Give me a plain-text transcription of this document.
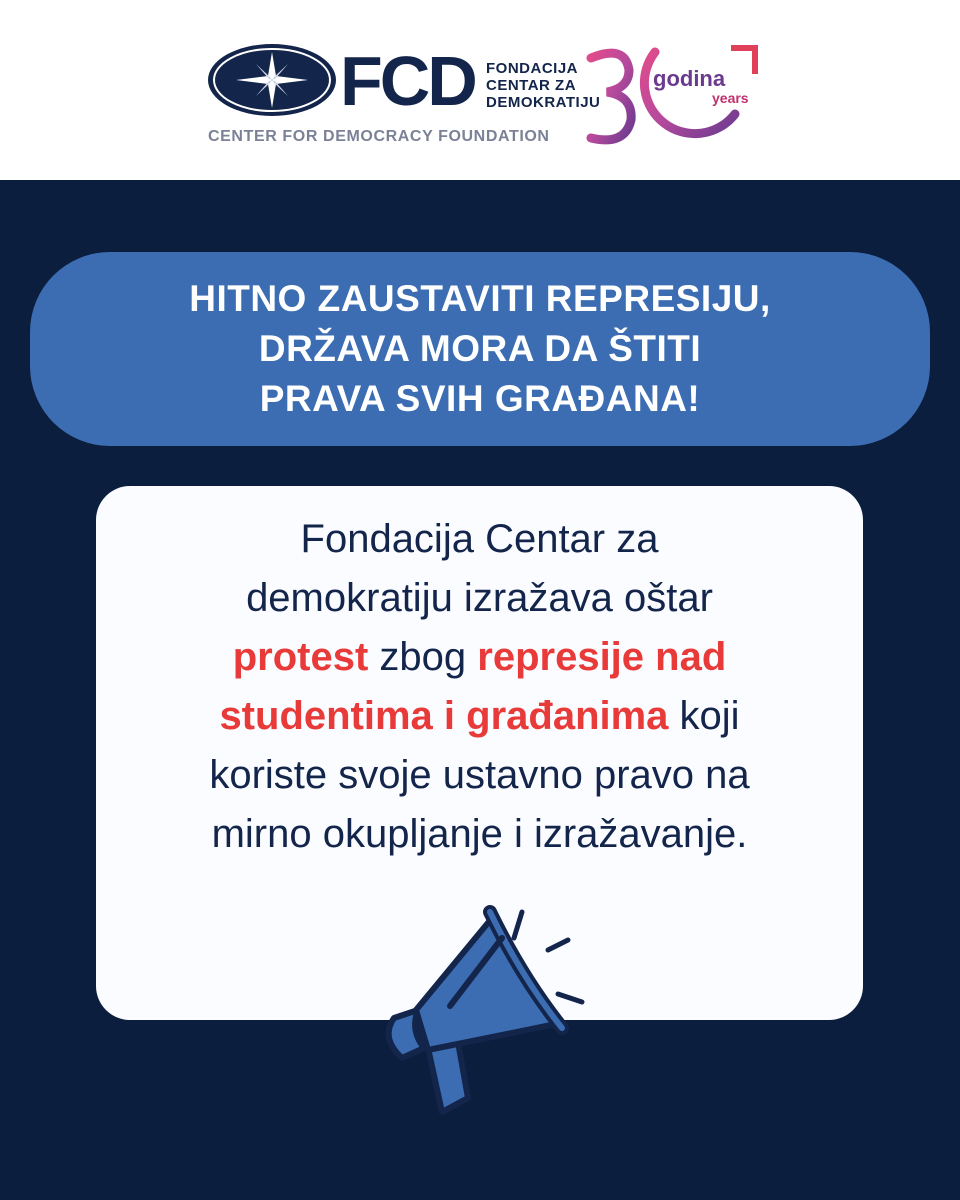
FCD FONDACIJA
CENTAR ZA
DEMOKRATIJU
CENTER FOR DEMOCRACY FOUNDATION
godina
years
HITNO ZAUSTAVITI REPRESIJU,
DRŽAVA MORA DA ŠTITI
PRAVA SVIH GRAĐANA!
Fondacija Centar za
demokratiju izražava oštar
protest zbog represije nad
studentima i građanima koji
koriste svoje ustavno pravo na
mirno okupljanje i izražavanje.
